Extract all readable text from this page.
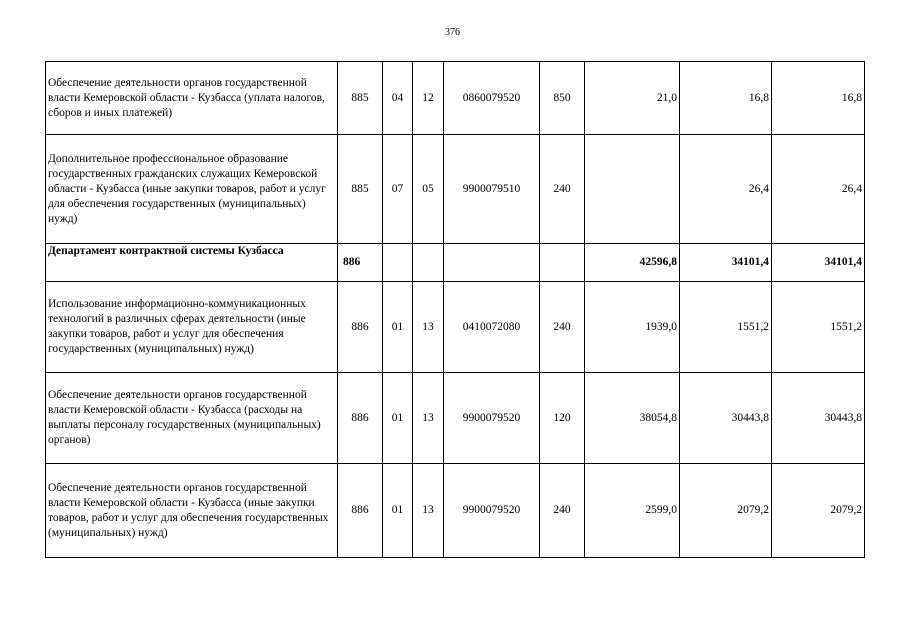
376
Обеспечение деятельности органов государственной власти Кемеровской области - Кузбасса (уплата налогов, сборов и иных платежей)	885	04	12	0860079520	850	21,0	16,8	16,8
Дополнительное профессиональное образование государственных гражданских служащих Кемеровской области - Кузбасса (иные закупки товаров, работ и услуг для обеспечения государственных (муниципальных) нужд)	885	07	05	9900079510	240		26,4	26,4
Департамент контрактной системы Кузбасса	886					42596,8	34101,4	34101,4
Использование информационно-коммуникационных технологий в различных сферах деятельности (иные закупки товаров, работ и услуг для обеспечения государственных (муниципальных) нужд)	886	01	13	0410072080	240	1939,0	1551,2	1551,2
Обеспечение деятельности органов государственной власти Кемеровской области - Кузбасса (расходы на выплаты персоналу государственных (муниципальных) органов)	886	01	13	9900079520	120	38054,8	30443,8	30443,8
Обеспечение деятельности органов государственной власти Кемеровской области - Кузбасса (иные закупки товаров, работ и услуг для обеспечения государственных (муниципальных) нужд)	886	01	13	9900079520	240	2599,0	2079,2	2079,2
